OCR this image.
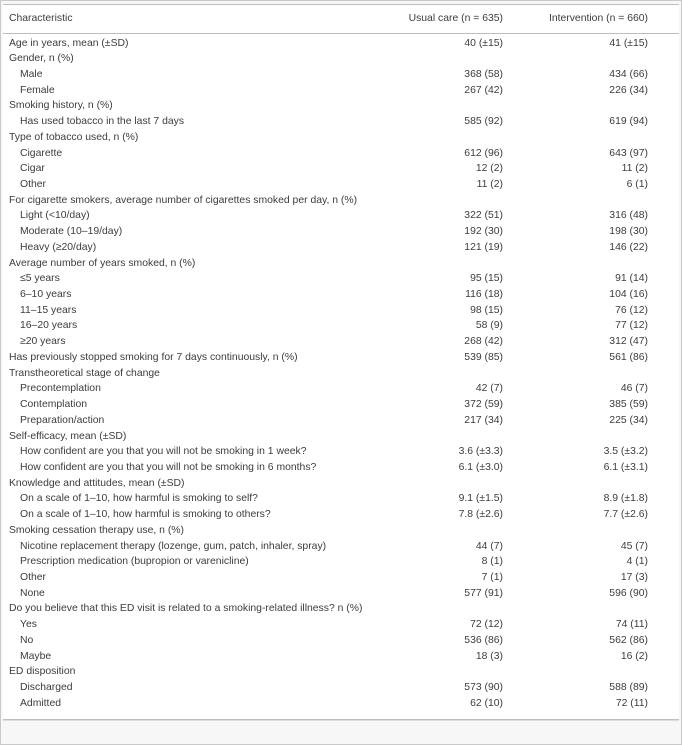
Characteristic	Usual care (n = 635)	Intervention (n = 660)
Age in years, mean (±SD)	40 (±15)	41 (±15)
Gender, n (%)
Male	368 (58)	434 (66)
Female	267 (42)	226 (34)
Smoking history, n (%)
Has used tobacco in the last 7 days	585 (92)	619 (94)
Type of tobacco used, n (%)
Cigarette	612 (96)	643 (97)
Cigar	12 (2)	11 (2)
Other	11 (2)	6 (1)
For cigarette smokers, average number of cigarettes smoked per day, n (%)
Light (<10/day)	322 (51)	316 (48)
Moderate (10–19/day)	192 (30)	198 (30)
Heavy (≥20/day)	121 (19)	146 (22)
Average number of years smoked, n (%)
≤5 years	95 (15)	91 (14)
6–10 years	116 (18)	104 (16)
11–15 years	98 (15)	76 (12)
16–20 years	58 (9)	77 (12)
≥20 years	268 (42)	312 (47)
Has previously stopped smoking for 7 days continuously, n (%)	539 (85)	561 (86)
Transtheoretical stage of change
Precontemplation	42 (7)	46 (7)
Contemplation	372 (59)	385 (59)
Preparation/action	217 (34)	225 (34)
Self-efficacy, mean (±SD)
How confident are you that you will not be smoking in 1 week?	3.6 (±3.3)	3.5 (±3.2)
How confident are you that you will not be smoking in 6 months?	6.1 (±3.0)	6.1 (±3.1)
Knowledge and attitudes, mean (±SD)
On a scale of 1–10, how harmful is smoking to self?	9.1 (±1.5)	8.9 (±1.8)
On a scale of 1–10, how harmful is smoking to others?	7.8 (±2.6)	7.7 (±2.6)
Smoking cessation therapy use, n (%)
Nicotine replacement therapy (lozenge, gum, patch, inhaler, spray)	44 (7)	45 (7)
Prescription medication (bupropion or varenicline)	8 (1)	4 (1)
Other	7 (1)	17 (3)
None	577 (91)	596 (90)
Do you believe that this ED visit is related to a smoking-related illness? n (%)
Yes	72 (12)	74 (11)
No	536 (86)	562 (86)
Maybe	18 (3)	16 (2)
ED disposition
Discharged	573 (90)	588 (89)
Admitted	62 (10)	72 (11)
